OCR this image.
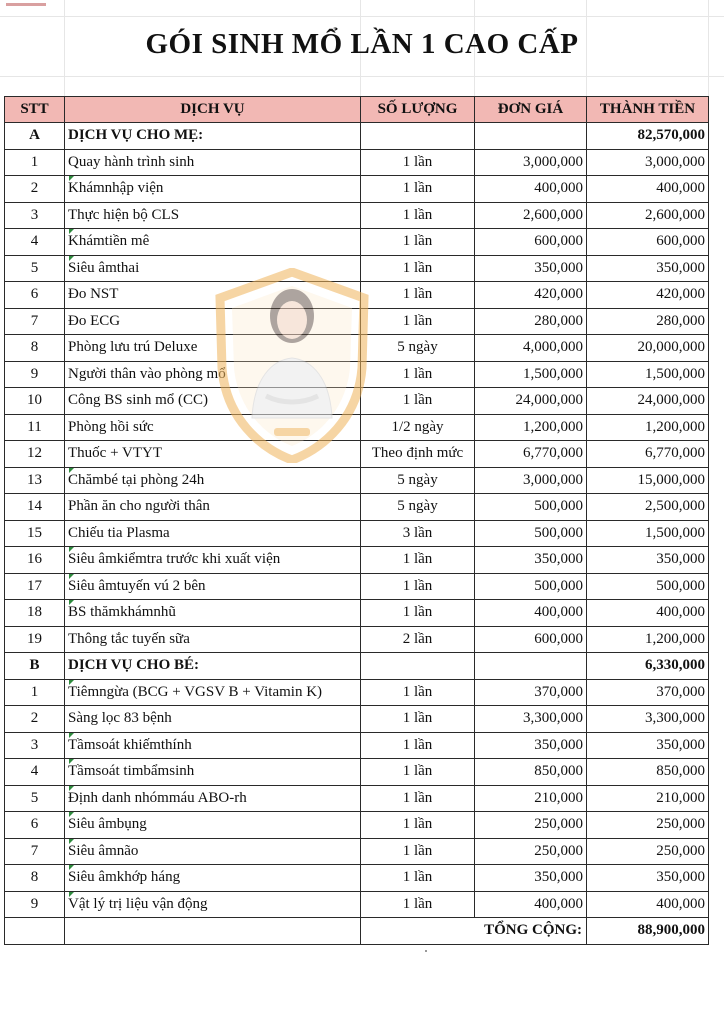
GÓI SINH MỔ LẦN 1 CAO CẤP
STT	DỊCH VỤ	SỐ LƯỢNG	ĐƠN GIÁ	THÀNH TIỀN
A	DỊCH VỤ CHO MẸ:			82,570,000
1	Quay hành trình sinh	1 lần	3,000,000	3,000,000
2	Khámnhập viện	1 lần	400,000	400,000
3	Thực hiện bộ CLS	1 lần	2,600,000	2,600,000
4	Khámtiền mê	1 lần	600,000	600,000
5	Siêu âmthai	1 lần	350,000	350,000
6	Đo NST	1 lần	420,000	420,000
7	Đo ECG	1 lần	280,000	280,000
8	Phòng lưu trú Deluxe	5 ngày	4,000,000	20,000,000
9	Người thân vào phòng mổ	1 lần	1,500,000	1,500,000
10	Công BS sinh mổ (CC)	1 lần	24,000,000	24,000,000
11	Phòng hồi sức	1/2 ngày	1,200,000	1,200,000
12	Thuốc + VTYT	Theo định mức	6,770,000	6,770,000
13	Chămbé tại phòng 24h	5 ngày	3,000,000	15,000,000
14	Phần ăn cho người thân	5 ngày	500,000	2,500,000
15	Chiếu tia Plasma	3 lần	500,000	1,500,000
16	Siêu âmkiểmtra trước khi xuất viện	1 lần	350,000	350,000
17	Siêu âmtuyến vú 2 bên	1 lần	500,000	500,000
18	BS thămkhámnhũ	1 lần	400,000	400,000
19	Thông tắc tuyến sữa	2 lần	600,000	1,200,000
B	DỊCH VỤ CHO BÉ:			6,330,000
1	Tiêmngừa (BCG + VGSV B + Vitamin K)	1 lần	370,000	370,000
2	Sàng lọc 83 bệnh	1 lần	3,300,000	3,300,000
3	Tầmsoát khiếmthính	1 lần	350,000	350,000
4	Tầmsoát timbẩmsinh	1 lần	850,000	850,000
5	Định danh nhómmáu ABO-rh	1 lần	210,000	210,000
6	Siêu âmbụng	1 lần	250,000	250,000
7	Siêu âmnão	1 lần	250,000	250,000
8	Siêu âmkhớp háng	1 lần	350,000	350,000
9	Vật lý trị liệu vận động	1 lần	400,000	400,000
			TỔNG CỘNG:	88,900,000
